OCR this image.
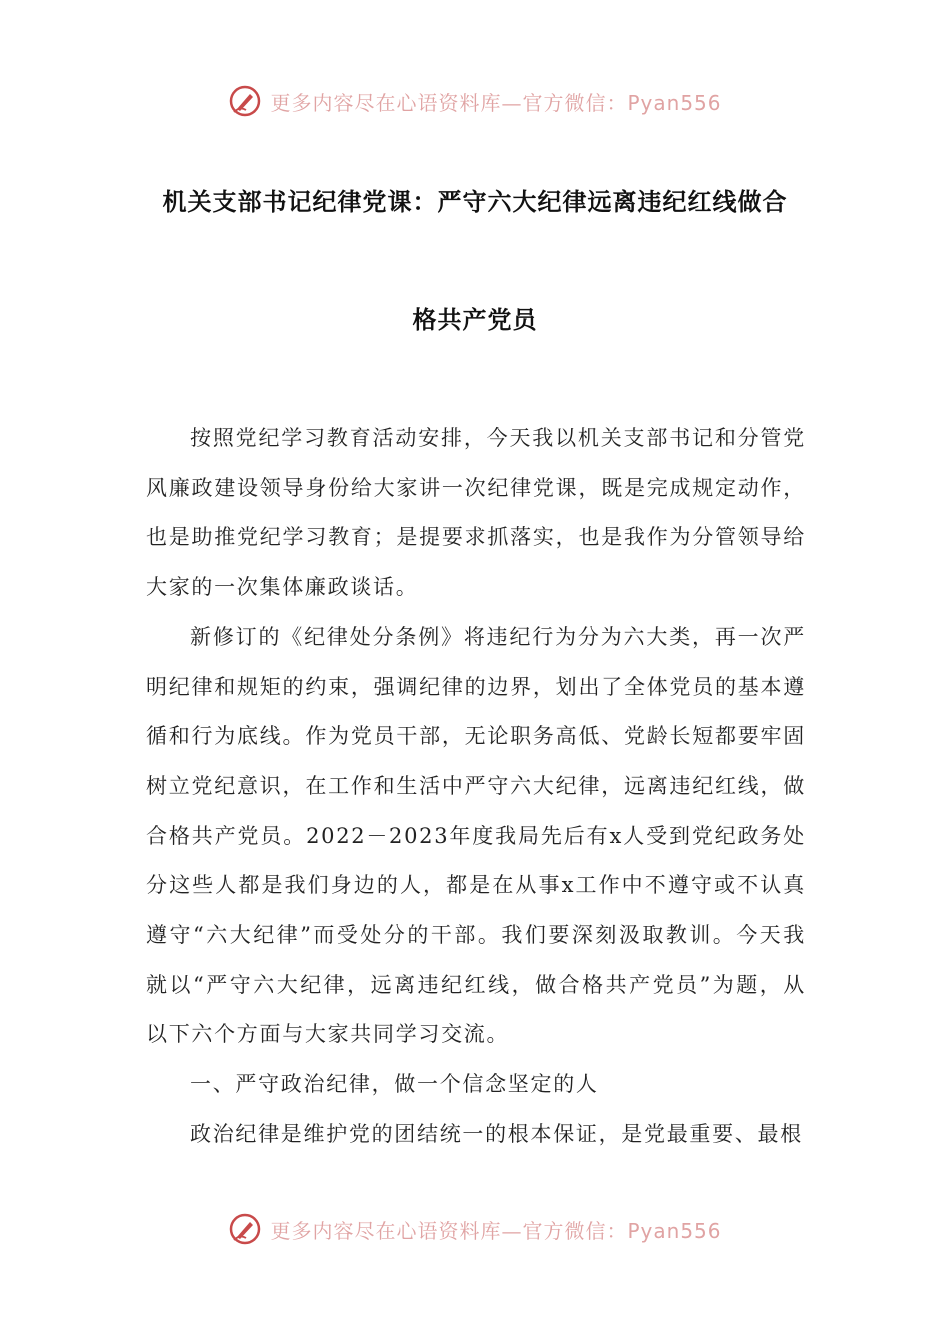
更多内容尽在心语资料库—官方微信：Pyan556
机关支部书记纪律党课：严守六大纪律远离违纪红线做合
格共产党员

按照党纪学习教育活动安排，今天我以机关支部书记和分管党风廉政建设领导身份给大家讲一次纪律党课，既是完成规定动作，也是助推党纪学习教育；是提要求抓落实，也是我作为分管领导给大家的一次集体廉政谈话。

新修订的《纪律处分条例》将违纪行为分为六大类，再一次严明纪律和规矩的约束，强调纪律的边界，划出了全体党员的基本遵循和行为底线。作为党员干部，无论职务高低、党龄长短都要牢固树立党纪意识，在工作和生活中严守六大纪律，远离违纪红线，做合格共产党员。2022－2023年度我局先后有x人受到党纪政务处分这些人都是我们身边的人，都是在从事x工作中不遵守或不认真遵守“六大纪律”而受处分的干部。我们要深刻汲取教训。今天我就以“严守六大纪律，远离违纪红线，做合格共产党员”为题，从以下六个方面与大家共同学习交流。

一、严守政治纪律，做一个信念坚定的人

政治纪律是维护党的团结统一的根本保证，是党最重要、最根

更多内容尽在心语资料库—官方微信：Pyan556
